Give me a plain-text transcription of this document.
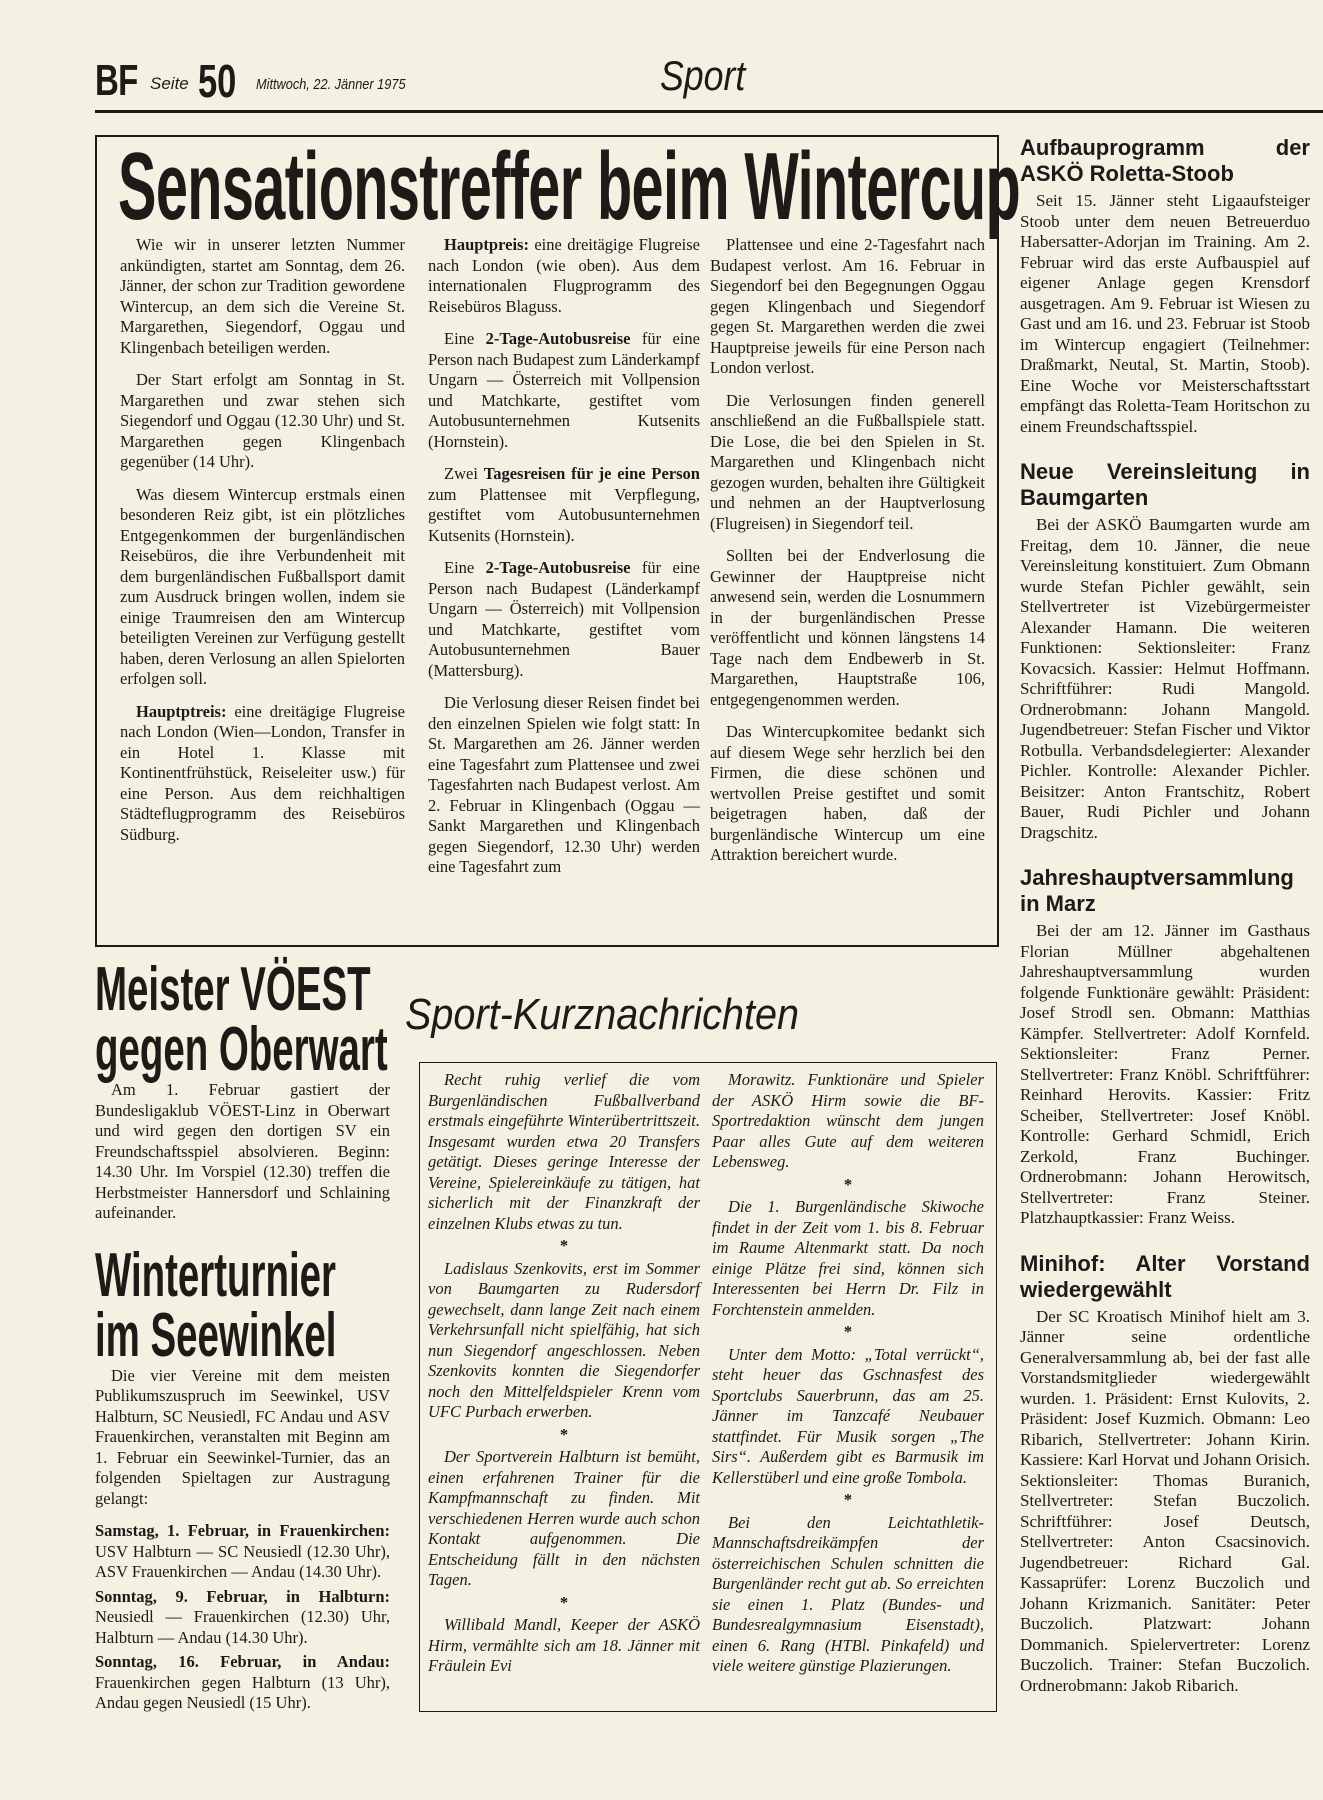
BF Seite 50 Mittwoch, 22. Jänner 1975	Sport
Sensationstreffer beim Wintercup

Wie wir in unserer letzten Nummer ankündigten, startet am Sonntag, dem 26. Jänner, der schon zur Tradition gewordene Wintercup, an dem sich die Vereine St. Margarethen, Siegendorf, Oggau und Klingenbach beteiligen werden.

Der Start erfolgt am Sonntag in St. Margarethen und zwar stehen sich Siegendorf und Oggau (12.30 Uhr) und St. Margarethen gegen Klingenbach gegenüber (14 Uhr).

Was diesem Wintercup erstmals einen besonderen Reiz gibt, ist ein plötzliches Entgegenkommen der burgenländischen Reisebüros, die ihre Verbundenheit mit dem burgenländischen Fußballsport damit zum Ausdruck bringen wollen, indem sie einige Traumreisen den am Wintercup beteiligten Vereinen zur Verfügung gestellt haben, deren Verlosung an allen Spielorten erfolgen soll.

Hauptptreis: eine dreitägige Flugreise nach London (Wien—London, Transfer in ein Hotel 1. Klasse mit Kontinentfrühstück, Reiseleiter usw.) für eine Person. Aus dem reichhaltigen Städteflugprogramm des Reisebüros Südburg.

Hauptpreis: eine dreitägige Flugreise nach London (wie oben). Aus dem internationalen Flugprogramm des Reisebüros Blaguss.

Eine 2-Tage-Autobusreise für eine Person nach Budapest zum Länderkampf Ungarn — Österreich mit Vollpension und Matchkarte, gestiftet vom Autobusunternehmen Kutsenits (Hornstein).

Zwei Tagesreisen für je eine Person zum Plattensee mit Verpflegung, gestiftet vom Autobusunternehmen Kutsenits (Hornstein).

Eine 2-Tage-Autobusreise für eine Person nach Budapest (Länderkampf Ungarn — Österreich) mit Vollpension und Matchkarte, gestiftet vom Autobusunternehmen Bauer (Mattersburg).

Die Verlosung dieser Reisen findet bei den einzelnen Spielen wie folgt statt: In St. Margarethen am 26. Jänner werden eine Tagesfahrt zum Plattensee und zwei Tagesfahrten nach Budapest verlost. Am 2. Februar in Klingenbach (Oggau — Sankt Margarethen und Klingenbach gegen Siegendorf, 12.30 Uhr) werden eine Tagesfahrt zum

Plattensee und eine 2-Tagesfahrt nach Budapest verlost. Am 16. Februar in Siegendorf bei den Begegnungen Oggau gegen Klingenbach und Siegendorf gegen St. Margarethen werden die zwei Hauptpreise jeweils für eine Person nach London verlost.

Die Verlosungen finden generell anschließend an die Fußballspiele statt. Die Lose, die bei den Spielen in St. Margarethen und Klingenbach nicht gezogen wurden, behalten ihre Gültigkeit und nehmen an der Hauptverlosung (Flugreisen) in Siegendorf teil.

Sollten bei der Endverlosung die Gewinner der Hauptpreise nicht anwesend sein, werden die Losnummern in der burgenländischen Presse veröffentlicht und können längstens 14 Tage nach dem Endbewerb in St. Margarethen, Hauptstraße 106, entgegengenommen werden.

Das Wintercupkomitee bedankt sich auf diesem Wege sehr herzlich bei den Firmen, die diese schönen und wertvollen Preise gestiftet und somit beigetragen haben, daß der burgenländische Wintercup um eine Attraktion bereichert wurde.

Aufbauprogramm der ASKÖ Roletta-Stoob

Seit 15. Jänner steht Ligaaufsteiger Stoob unter dem neuen Betreuerduo Habersatter-Adorjan im Training. Am 2. Februar wird das erste Aufbauspiel auf eigener Anlage gegen Krensdorf ausgetragen. Am 9. Februar ist Wiesen zu Gast und am 16. und 23. Februar ist Stoob im Wintercup engagiert (Teilnehmer: Draßmarkt, Neutal, St. Martin, Stoob). Eine Woche vor Meisterschaftsstart empfängt das Roletta-Team Horitschon zu einem Freundschaftsspiel.

Neue Vereinsleitung in Baumgarten

Bei der ASKÖ Baumgarten wurde am Freitag, dem 10. Jänner, die neue Vereinsleitung konstituiert. Zum Obmann wurde Stefan Pichler gewählt, sein Stellvertreter ist Vizebürgermeister Alexander Hamann. Die weiteren Funktionen: Sektionsleiter: Franz Kovacsich. Kassier: Helmut Hoffmann. Schriftführer: Rudi Mangold. Ordnerobmann: Johann Mangold. Jugendbetreuer: Stefan Fischer und Viktor Rotbulla. Verbandsdelegierter: Alexander Pichler. Kontrolle: Alexander Pichler. Beisitzer: Anton Frantschitz, Robert Bauer, Rudi Pichler und Johann Dragschitz.

Jahreshauptversammlung in Marz

Bei der am 12. Jänner im Gasthaus Florian Müllner abgehaltenen Jahreshauptversammlung wurden folgende Funktionäre gewählt: Präsident: Josef Strodl sen. Obmann: Matthias Kämpfer. Stellvertreter: Adolf Kornfeld. Sektionsleiter: Franz Perner. Stellvertreter: Franz Knöbl. Schriftführer: Reinhard Herovits. Kassier: Fritz Scheiber, Stellvertreter: Josef Knöbl. Kontrolle: Gerhard Schmidl, Erich Zerkold, Franz Buchinger. Ordnerobmann: Johann Herowitsch, Stellvertreter: Franz Steiner. Platzhauptkassier: Franz Weiss.

Minihof: Alter Vorstand wiedergewählt

Der SC Kroatisch Minihof hielt am 3. Jänner seine ordentliche Generalversammlung ab, bei der fast alle Vorstandsmitglieder wiedergewählt wurden. 1. Präsident: Ernst Kulovits, 2. Präsident: Josef Kuzmich. Obmann: Leo Ribarich, Stellvertreter: Johann Kirin. Kassiere: Karl Horvat und Johann Orisich. Sektionsleiter: Thomas Buranich, Stellvertreter: Stefan Buczolich. Schriftführer: Josef Deutsch, Stellvertreter: Anton Csacsinovich. Jugendbetreuer: Richard Gal. Kassaprüfer: Lorenz Buczolich und Johann Krizmanich. Sanitäter: Peter Buczolich. Platzwart: Johann Dommanich. Spielervertreter: Lorenz Buczolich. Trainer: Stefan Buczolich. Ordnerobmann: Jakob Ribarich.

Meister VÖEST
gegen Oberwart

Am 1. Februar gastiert der Bundesligaklub VÖEST-Linz in Oberwart und wird gegen den dortigen SV ein Freundschaftsspiel absolvieren. Beginn: 14.30 Uhr. Im Vorspiel (12.30) treffen die Herbstmeister Hannersdorf und Schlaining aufeinander.

Winterturnier
im Seewinkel

Die vier Vereine mit dem meisten Publikumszuspruch im Seewinkel, USV Halbturn, SC Neusiedl, FC Andau und ASV Frauenkirchen, veranstalten mit Beginn am 1. Februar ein Seewinkel-Turnier, das an folgenden Spieltagen zur Austragung gelangt:

Samstag, 1. Februar, in Frauenkirchen: USV Halbturn — SC Neusiedl (12.30 Uhr), ASV Frauenkirchen — Andau (14.30 Uhr).

Sonntag, 9. Februar, in Halbturn: Neusiedl — Frauenkirchen (12.30) Uhr, Halbturn — Andau (14.30 Uhr).

Sonntag, 16. Februar, in Andau: Frauenkirchen gegen Halbturn (13 Uhr), Andau gegen Neusiedl (15 Uhr).

Sport-Kurznachrichten

Recht ruhig verlief die vom Burgenländischen Fußballverband erstmals eingeführte Winterübertrittszeit. Insgesamt wurden etwa 20 Transfers getätigt. Dieses geringe Interesse der Vereine, Spielereinkäufe zu tätigen, hat sicherlich mit der Finanzkraft der einzelnen Klubs etwas zu tun.

*

Ladislaus Szenkovits, erst im Sommer von Baumgarten zu Rudersdorf gewechselt, dann lange Zeit nach einem Verkehrsunfall nicht spielfähig, hat sich nun Siegendorf angeschlossen. Neben Szenkovits konnten die Siegendorfer noch den Mittelfeldspieler Krenn vom UFC Purbach erwerben.

*

Der Sportverein Halbturn ist bemüht, einen erfahrenen Trainer für die Kampfmannschaft zu finden. Mit verschiedenen Herren wurde auch schon Kontakt aufgenommen. Die Entscheidung fällt in den nächsten Tagen.

*

Willibald Mandl, Keeper der ASKÖ Hirm, vermählte sich am 18. Jänner mit Fräulein Evi

Morawitz. Funktionäre und Spieler der ASKÖ Hirm sowie die BF-Sportredaktion wünscht dem jungen Paar alles Gute auf dem weiteren Lebensweg.

*

Die 1. Burgenländische Skiwoche findet in der Zeit vom 1. bis 8. Februar im Raume Altenmarkt statt. Da noch einige Plätze frei sind, können sich Interessenten bei Herrn Dr. Filz in Forchtenstein anmelden.

*

Unter dem Motto: „Total verrückt“, steht heuer das Gschnasfest des Sportclubs Sauerbrunn, das am 25. Jänner im Tanzcafé Neubauer stattfindet. Für Musik sorgen „The Sirs“. Außerdem gibt es Barmusik im Kellerstüberl und eine große Tombola.

*

Bei den Leichtathletik-Mannschaftsdreikämpfen der österreichischen Schulen schnitten die Burgenländer recht gut ab. So erreichten sie einen 1. Platz (Bundes- und Bundesrealgymnasium Eisenstadt), einen 6. Rang (HTBl. Pinkafeld) und viele weitere günstige Plazierungen.
